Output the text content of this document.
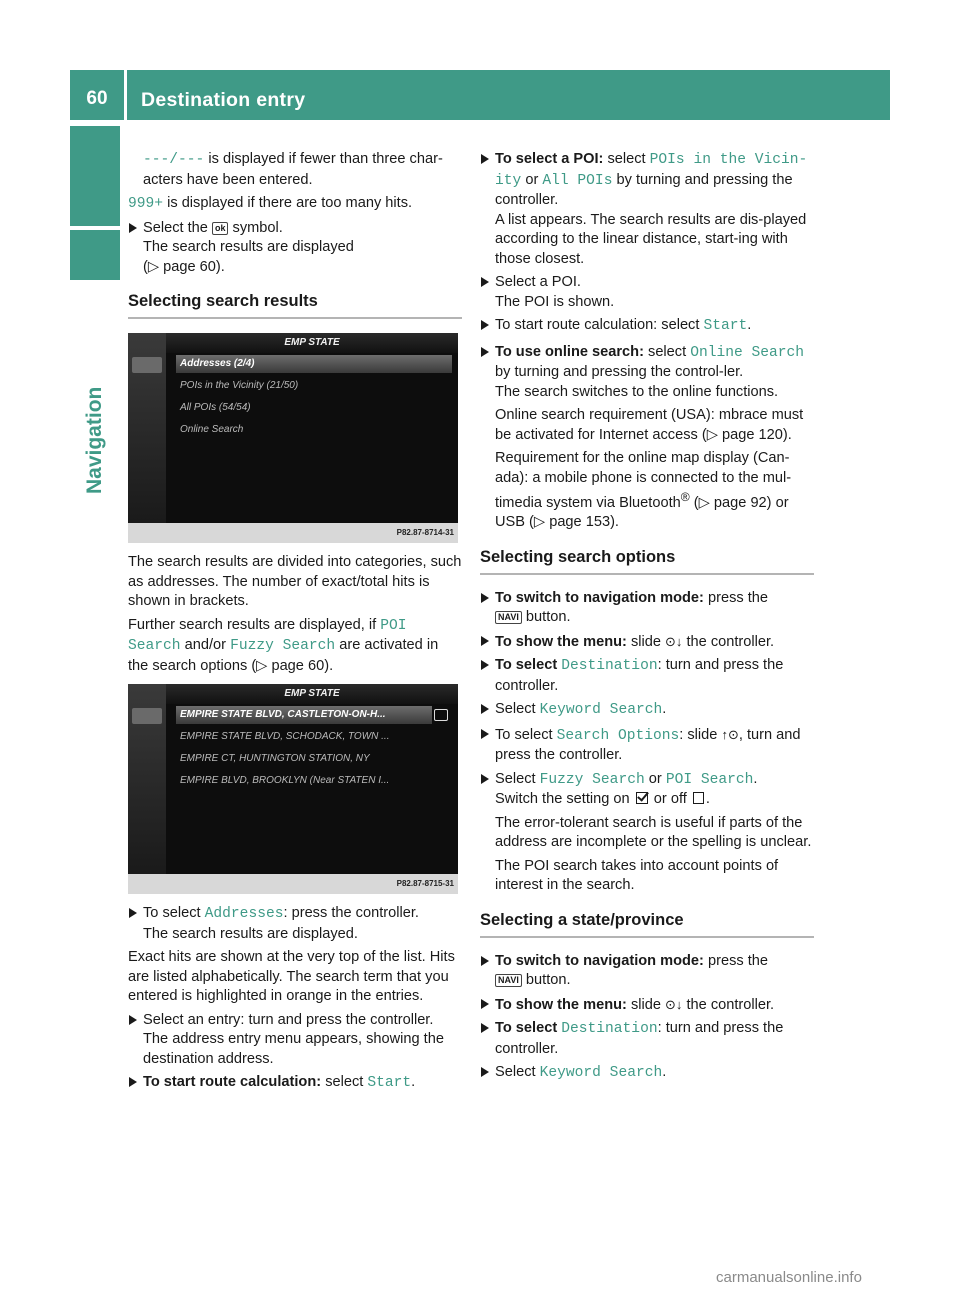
60	Destination entry
Navigation

---/--- is displayed if fewer than three char-acters have been entered.

999+ is displayed if there are too many hits.

Select the ok symbol.
The search results are displayed
(▷ page 60).
Selecting search results
EMP STATE
Addresses (2/4)
POIs in the Vicinity (21/50)
All POIs (54/54)
Online Search
P82.87-8714-31

The search results are divided into categories, such as addresses. The number of exact/total hits is shown in brackets.

Further search results are displayed, if POI Search and/or Fuzzy Search are activated in the search options (▷ page 60).

EMP STATE
EMPIRE STATE BLVD, CASTLETON-ON-H...
EMPIRE STATE BLVD, SCHODACK, TOWN ...
EMPIRE CT, HUNTINGTON STATION, NY
EMPIRE BLVD, BROOKLYN (Near STATEN I...
P82.87-8715-31
To select Addresses: press the controller.
The search results are displayed.

Exact hits are shown at the very top of the list. Hits are listed alphabetically. The search term that you entered is highlighted in orange in the entries.

Select an entry: turn and press the controller.
The address entry menu appears, showing the destination address.
To start route calculation: select Start.
To select a POI: select POIs in the Vicin-ity or All POIs by turning and pressing the controller.
A list appears. The search results are dis-played according to the linear distance, start-ing with those closest.
Select a POI.
The POI is shown.
To start route calculation: select Start.
To use online search: select Online Search by turning and pressing the control-ler.
The search switches to the online functions.

Online search requirement (USA): mbrace must be activated for Internet access (▷ page 120).

Requirement for the online map display (Can-ada): a mobile phone is connected to the mul-timedia system via Bluetooth® (▷ page 92) or USB (▷ page 153).

Selecting search options
To switch to navigation mode: press the
NAVI button.
To show the menu: slide ⊙↓ the controller.
To select Destination: turn and press the controller.
Select Keyword Search.
To select Search Options: slide ↑⊙, turn and press the controller.
Select Fuzzy Search or POI Search.
Switch the setting on or off .

The error-tolerant search is useful if parts of the address are incomplete or the spelling is unclear.

The POI search takes into account points of interest in the search.

Selecting a state/province
To switch to navigation mode: press the
NAVI button.
To show the menu: slide ⊙↓ the controller.
To select Destination: turn and press the controller.
Select Keyword Search.
carmanualsonline.info
